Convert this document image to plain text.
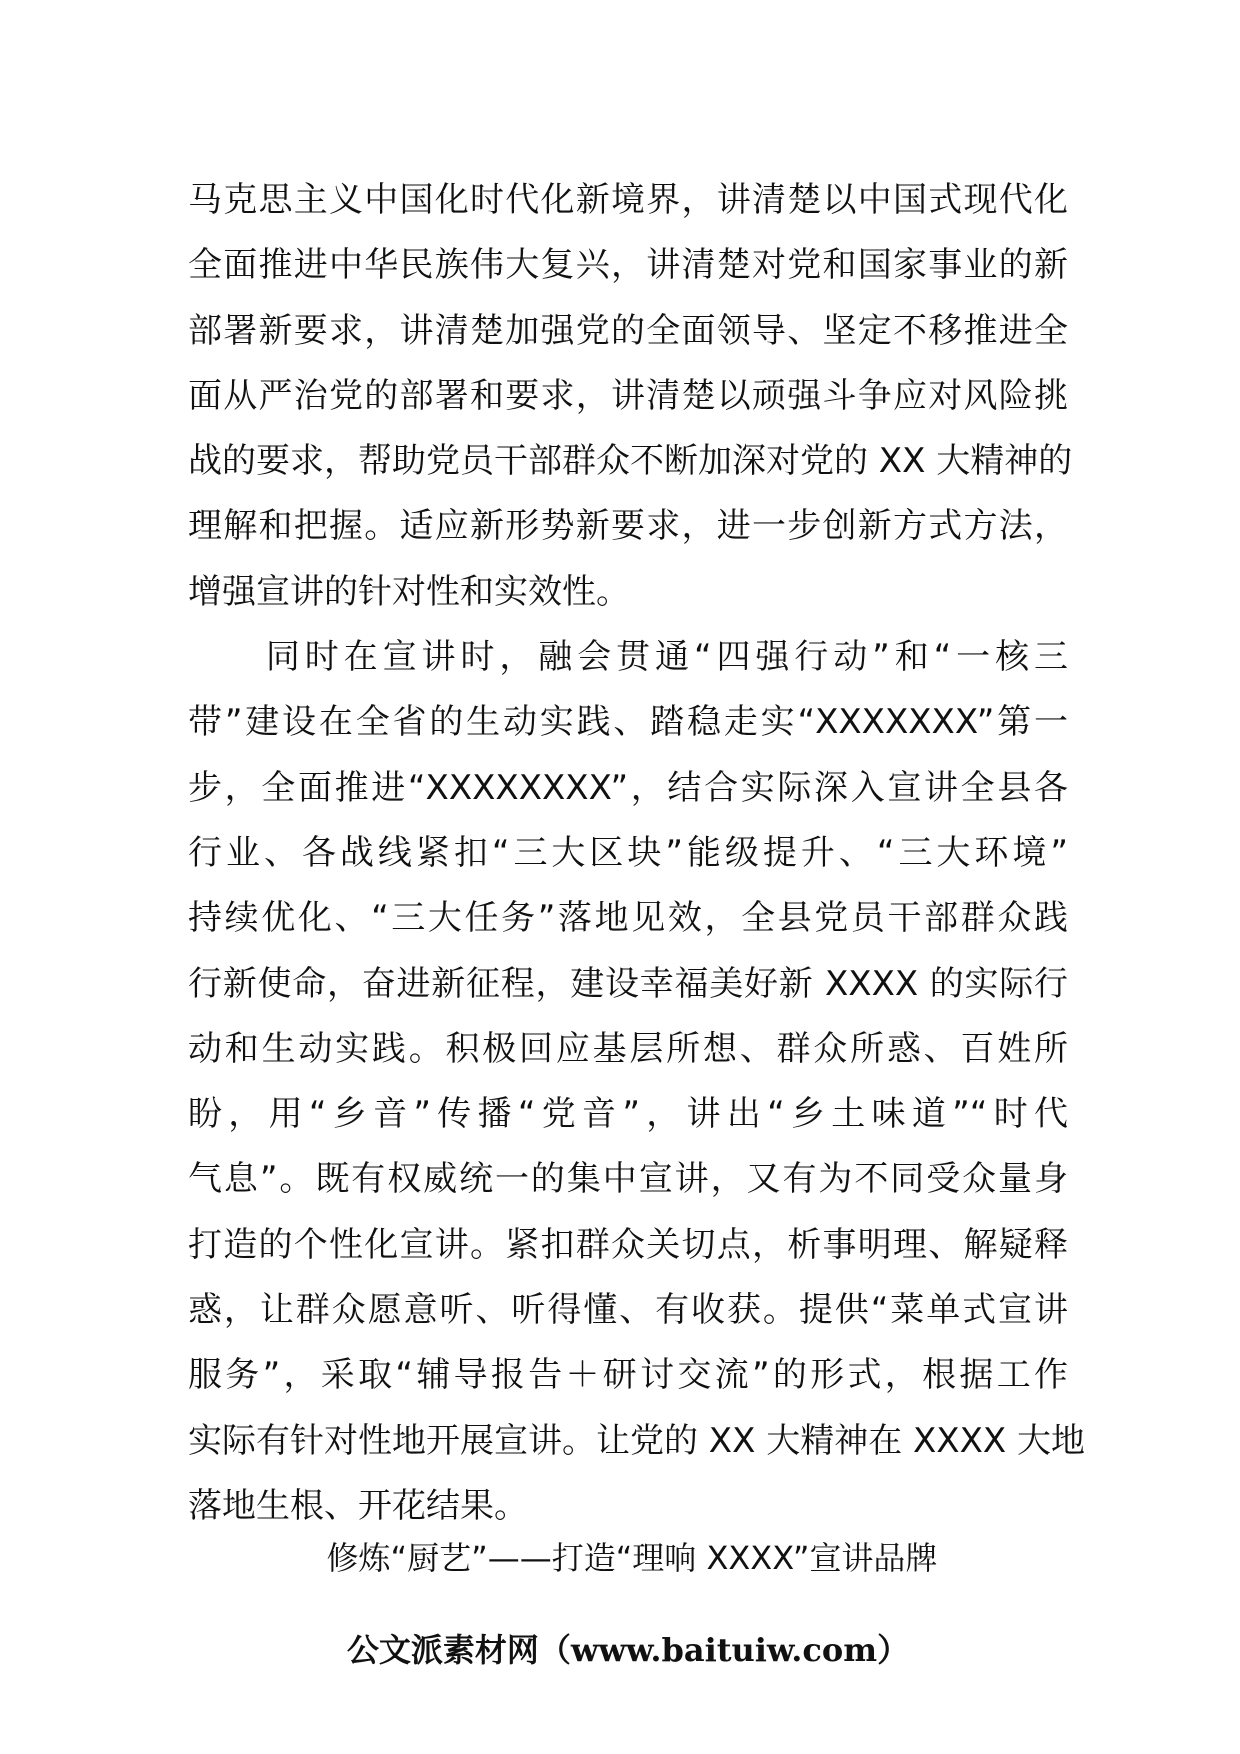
马克思主义中国化时代化新境界，讲清楚以中国式现代化
全面推进中华民族伟大复兴，讲清楚对党和国家事业的新
部署新要求，讲清楚加强党的全面领导、坚定不移推进全
面从严治党的部署和要求，讲清楚以顽强斗争应对风险挑
战的要求，帮助党员干部群众不断加深对党的 XX 大精神的
理解和把握。适应新形势新要求，进一步创新方式方法，
增强宣讲的针对性和实效性。
　　同时在宣讲时，融会贯通“四强行动”和“一核三
带”建设在全省的生动实践、踏稳走实“XXXXXXX”第一
步，全面推进“XXXXXXXX”，结合实际深入宣讲全县各
行业、各战线紧扣“三大区块”能级提升、“三大环境”
持续优化、“三大任务”落地见效，全县党员干部群众践
行新使命，奋进新征程，建设幸福美好新 XXXX 的实际行
动和生动实践。积极回应基层所想、群众所惑、百姓所
盼，用“乡音”传播“党音”，讲出“乡土味道”“时代
气息”。既有权威统一的集中宣讲，又有为不同受众量身
打造的个性化宣讲。紧扣群众关切点，析事明理、解疑释
惑，让群众愿意听、听得懂、有收获。提供“菜单式宣讲
服务”，采取“辅导报告＋研讨交流”的形式，根据工作
实际有针对性地开展宣讲。让党的 XX 大精神在 XXXX 大地
落地生根、开花结果。
修炼“厨艺”——打造“理响 XXXX”宣讲品牌
公文派素材网（www.baituiw.com）
